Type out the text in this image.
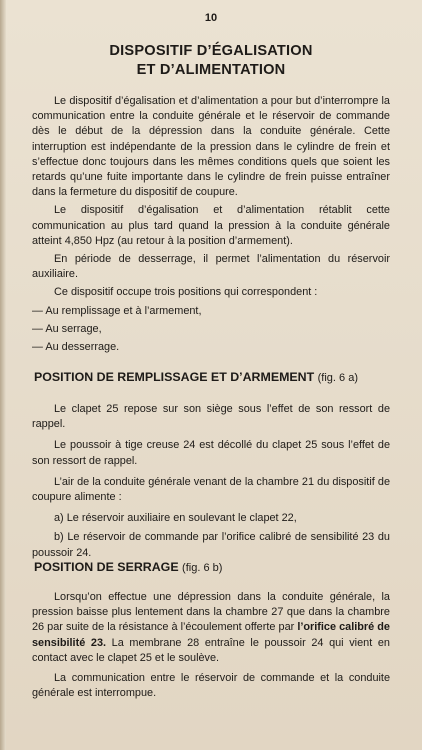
10
DISPOSITIF D’ÉGALISATION
ET D’ALIMENTATION

Le dispositif d’égalisation et d’alimentation a pour but d’interrompre la communication entre la conduite générale et le réservoir de commande dès le début de la dépression dans la conduite générale. Cette interruption est indépendante de la pression dans le cylindre de frein et s’effectue donc toujours dans les mêmes conditions quels que soient les retards qu’une fuite importante dans le cylindre de frein puisse entraîner dans la fermeture du dispositif de coupure.

Le dispositif d’égalisation et d’alimentation rétablit cette communication au plus tard quand la pression à la conduite générale atteint 4,850 Hpz (au retour à la position d’armement).

En période de desserrage, il permet l’alimentation du réservoir auxiliaire.

Ce dispositif occupe trois positions qui correspondent :

— Au remplissage et à l’armement,

— Au serrage,

— Au desserrage.

POSITION DE REMPLISSAGE ET D’ARMEMENT (fig. 6 a)

Le clapet 25 repose sur son siège sous l’effet de son ressort de rappel.

Le poussoir à tige creuse 24 est décollé du clapet 25 sous l’effet de son ressort de rappel.

L’air de la conduite générale venant de la chambre 21 du dispositif de coupure alimente :

a) Le réservoir auxiliaire en soulevant le clapet 22,

b) Le réservoir de commande par l’orifice calibré de sensibilité 23 du poussoir 24.

POSITION DE SERRAGE (fig. 6 b)

Lorsqu’on effectue une dépression dans la conduite générale, la pression baisse plus lentement dans la chambre 27 que dans la chambre 26 par suite de la résistance à l’écoulement offerte par l’orifice calibré de sensibilité 23. La membrane 28 entraîne le poussoir 24 qui vient en contact avec le clapet 25 et le soulève.

La communication entre le réservoir de commande et la conduite générale est interrompue.
